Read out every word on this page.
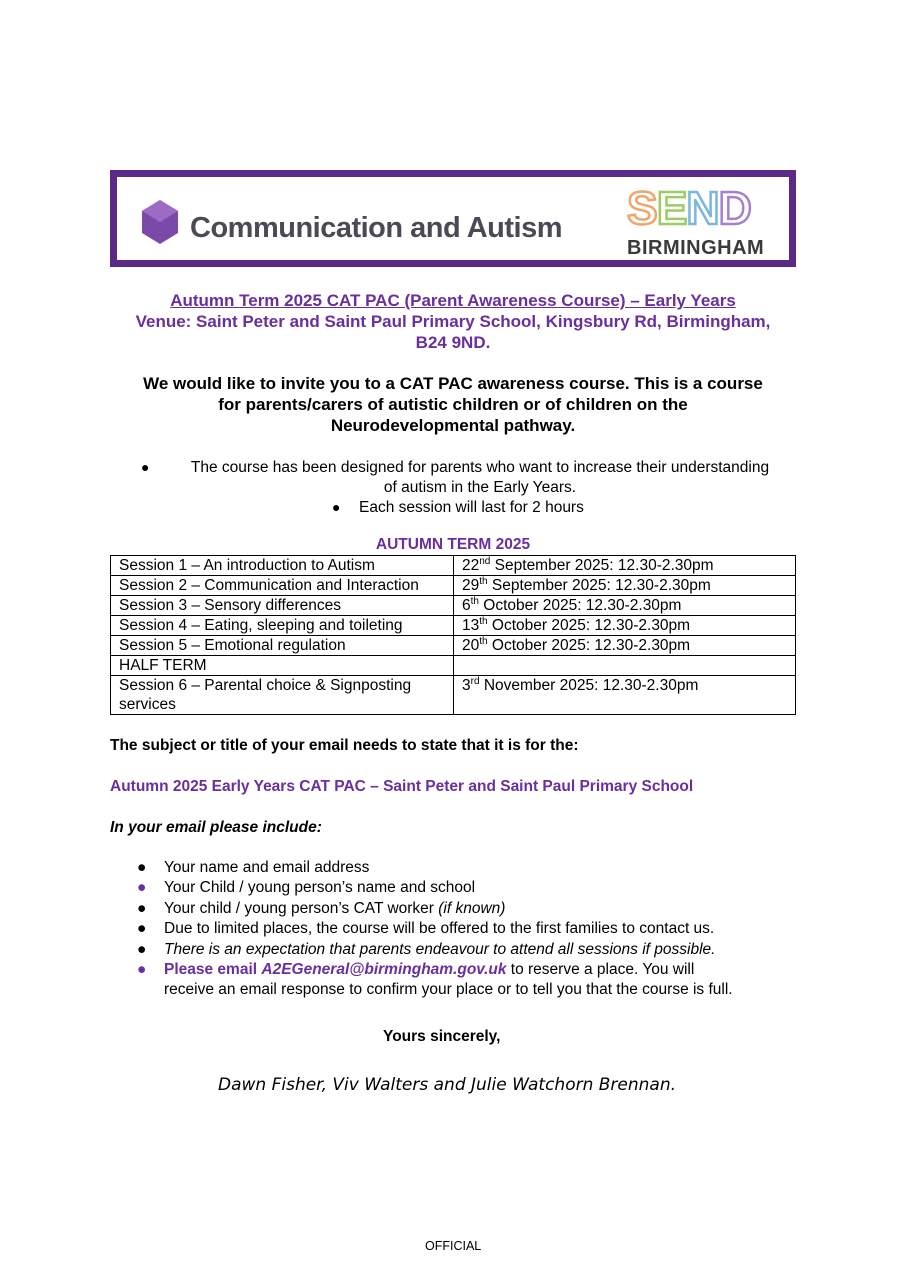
Communication and Autism SEND
BIRMINGHAM
Autumn Term 2025 CAT PAC (Parent Awareness Course) – Early Years
Venue: Saint Peter and Saint Paul Primary School, Kingsbury Rd, Birmingham,
B24 9ND.
We would like to invite you to a CAT PAC awareness course. This is a course
for parents/carers of autistic children or of children on the
Neurodevelopmental pathway.
●	The course has been designed for parents who want to increase their understanding
of autism in the Early Years.
● Each session will last for 2 hours
AUTUMN TERM 2025
Session 1 – An introduction to Autism	22nd September 2025: 12.30-2.30pm
Session 2 – Communication and Interaction	29th September 2025: 12.30-2.30pm
Session 3 – Sensory differences	6th October 2025: 12.30-2.30pm
Session 4 – Eating, sleeping and toileting	13th October 2025: 12.30-2.30pm
Session 5 – Emotional regulation	20th October 2025: 12.30-2.30pm
HALF TERM	
Session 6 – Parental choice & Signposting services	3rd November 2025: 12.30-2.30pm
The subject or title of your email needs to state that it is for the:
Autumn 2025 Early Years CAT PAC – Saint Peter and Saint Paul Primary School
In your email please include:
● Your name and email address
● Your Child / young person’s name and school
● Your child / young person’s CAT worker (if known)
● Due to limited places, the course will be offered to the first families to contact us.
● There is an expectation that parents endeavour to attend all sessions if possible.
● Please email A2EGeneral@birmingham.gov.uk to reserve a place. You will
receive an email response to confirm your place or to tell you that the course is full.
Yours sincerely,
Dawn Fisher, Viv Walters and Julie Watchorn Brennan.
OFFICIAL
